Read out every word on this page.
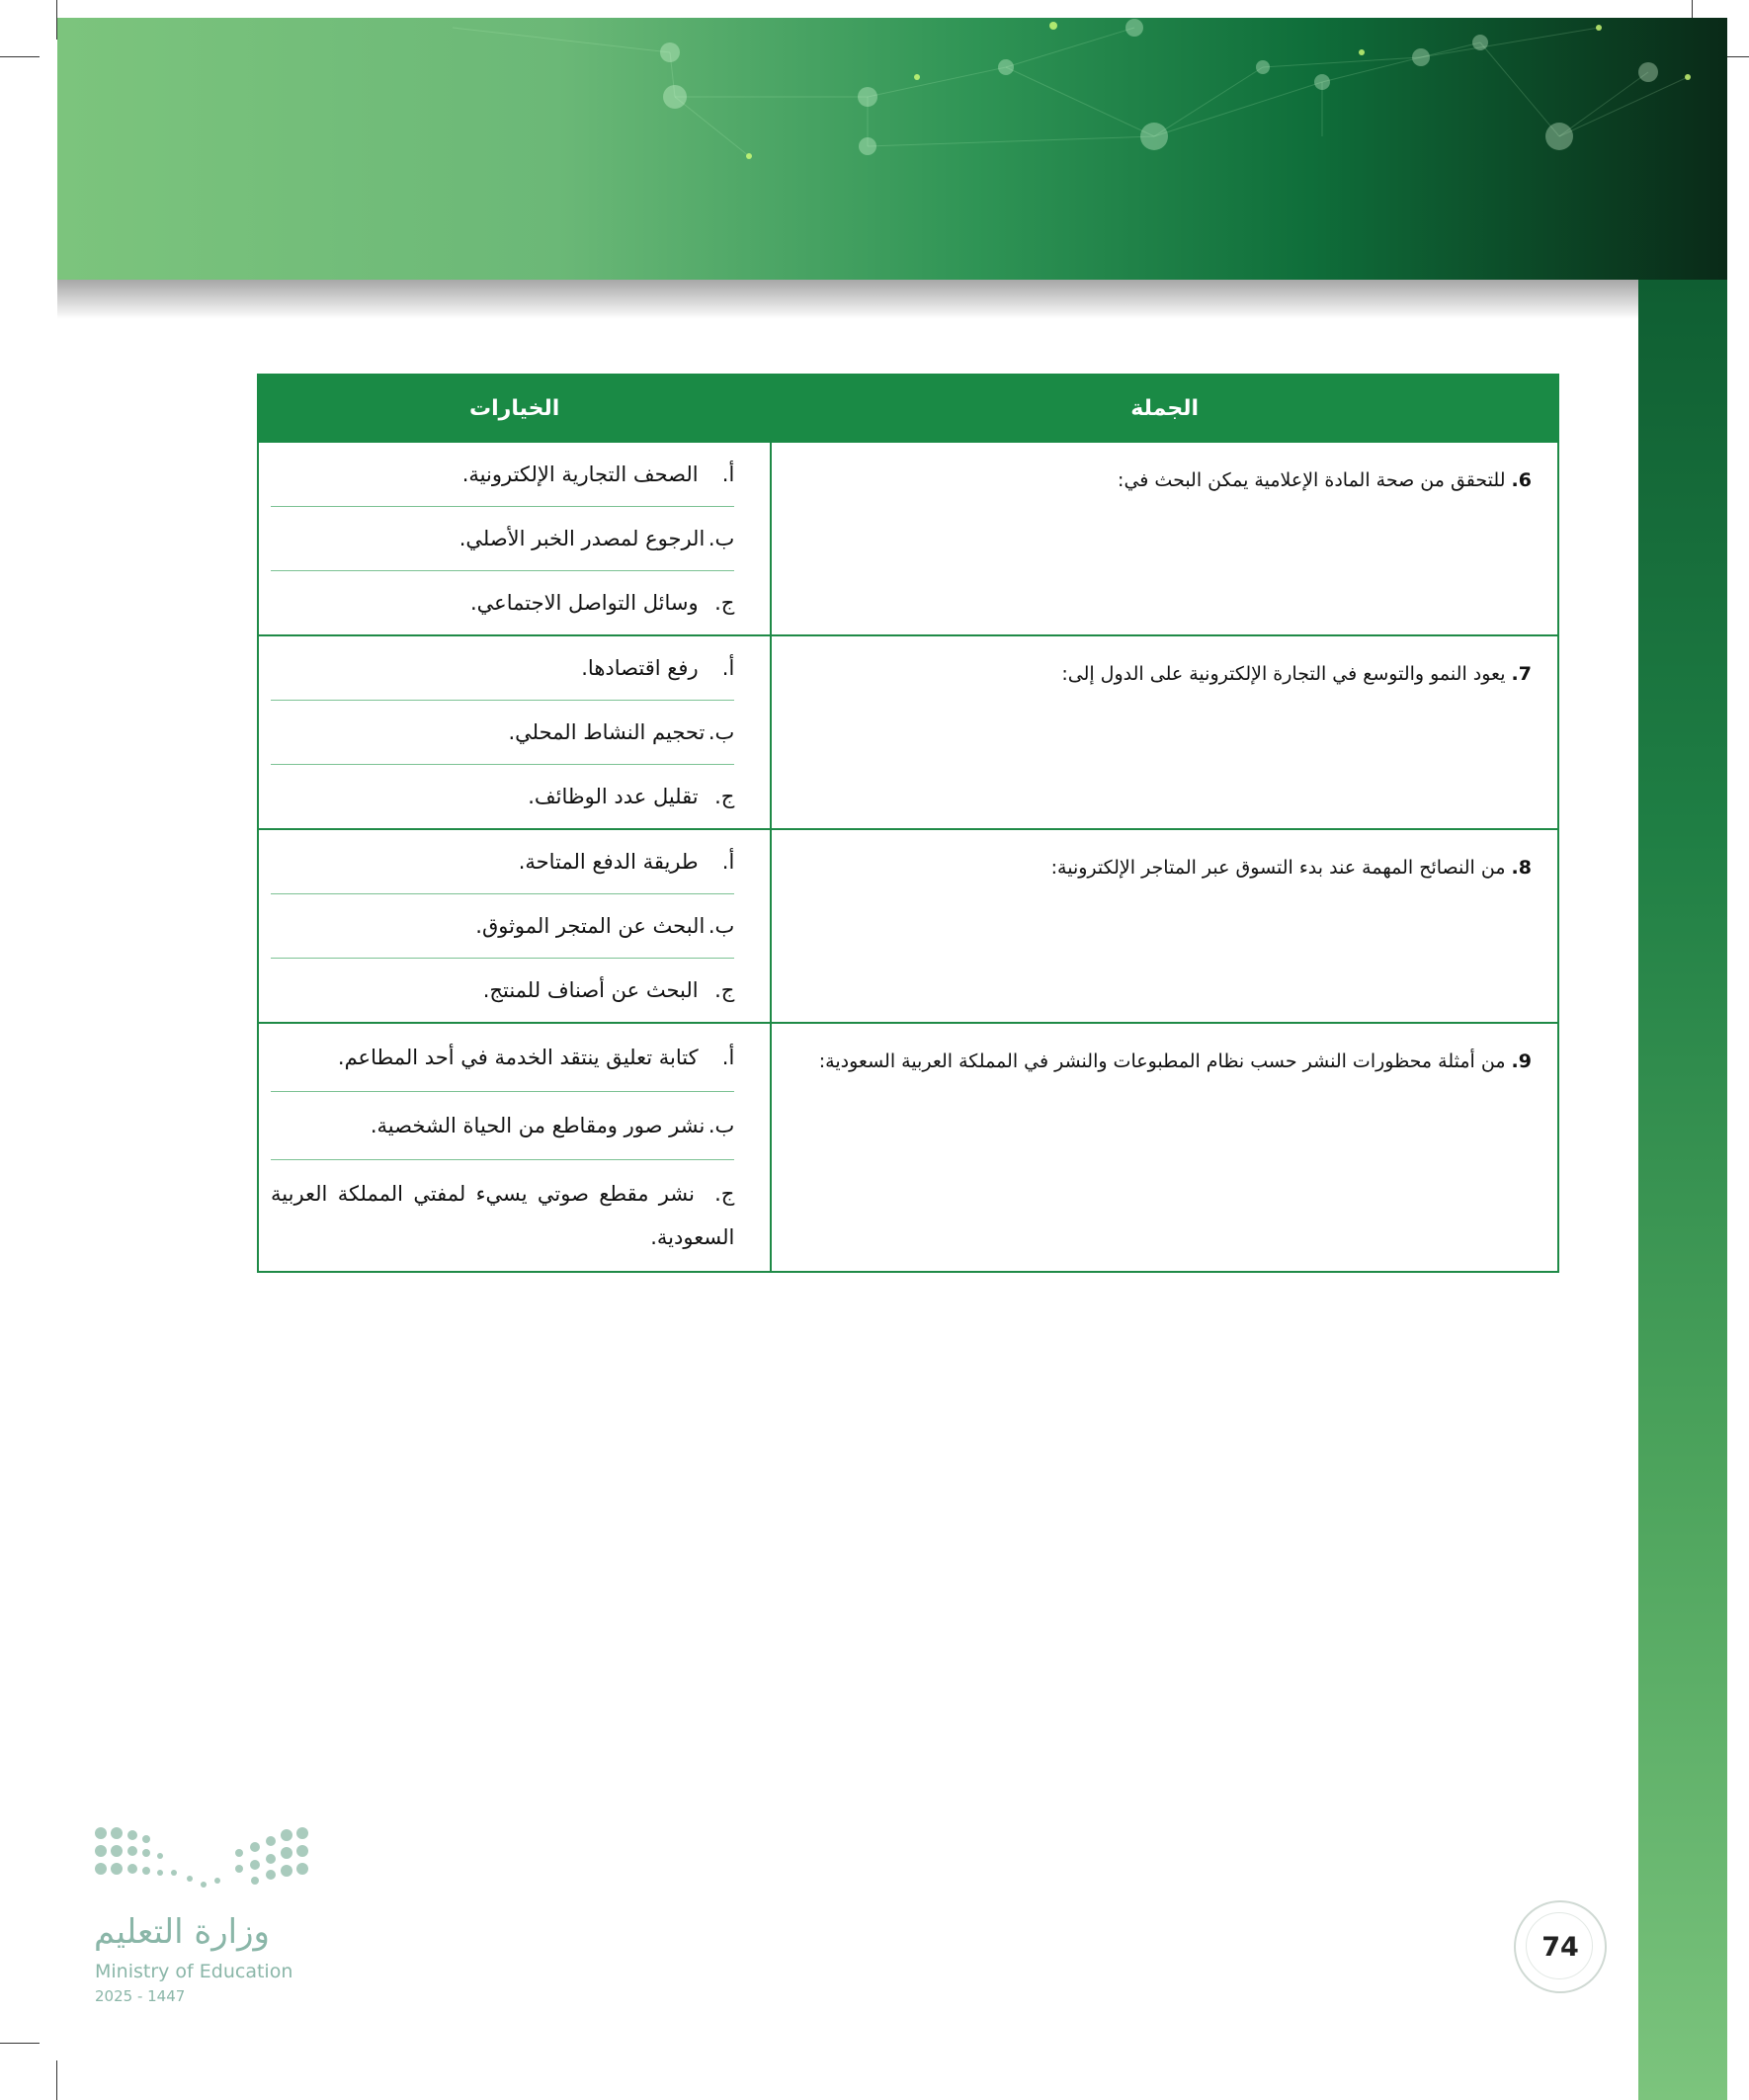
الجملة	الخيارات
6. للتحقق من صحة المادة الإعلامية يمكن البحث في:	أ. الصحف التجارية الإلكترونية.
ب.الرجوع لمصدر الخبر الأصلي.
ج. وسائل التواصل الاجتماعي.

7. يعود النمو والتوسع في التجارة الإلكترونية على الدول إلى:	أ. رفع اقتصادها.
ب.تحجيم النشاط المحلي.
ج. تقليل عدد الوظائف.

8. من النصائح المهمة عند بدء التسوق عبر المتاجر الإلكترونية:	أ. طريقة الدفع المتاحة.
ب.البحث عن المتجر الموثوق.
ج. البحث عن أصناف للمنتج.

9. من أمثلة محظورات النشر حسب نظام المطبوعات والنشر في المملكة العربية السعودية:	أ. كتابة تعليق ينتقد الخدمة في أحد المطاعم.
ب.نشر صور ومقاطع من الحياة الشخصية.
ج. نشر مقطع صوتي يسيء لمفتي المملكة العربية السعودية.
وزارة التعليم
Ministry of Education
2025 - 1447
74
